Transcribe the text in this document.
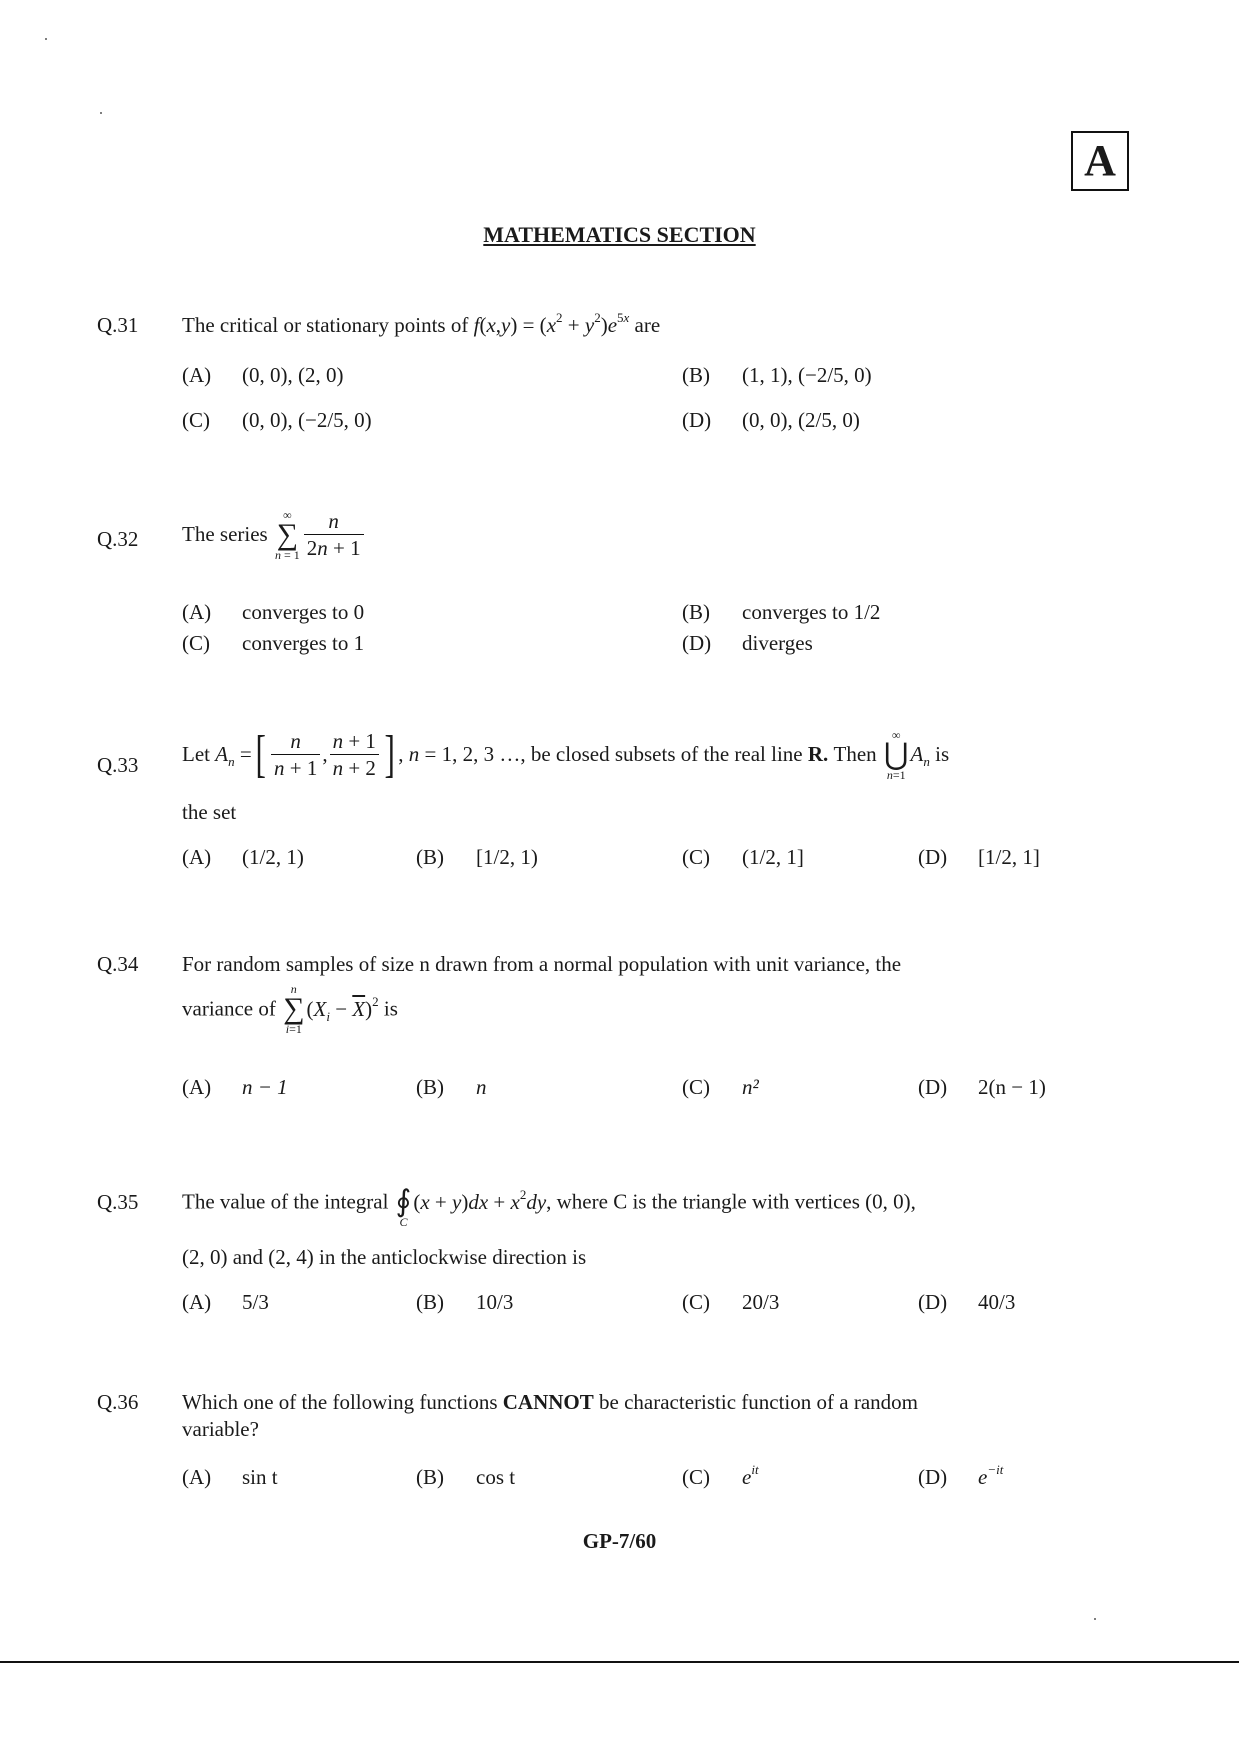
A
MATHEMATICS SECTION
Q.31 The critical or stationary points of $f(x,y) = (x^2 + y^2)e^{5x}$ are
(A) (0, 0), (2, 0)	(B) (1, 1), (−2/5, 0)
(C) (0, 0), (−2/5, 0)	(D) (0, 0), (2/5, 0)
Q.32 The series
∞
∑
$n = 1 \frac{n}{2n + 1}$
(A) converges to 0	(B) converges to 1/2
(C) converges to 1	(D) diverges
Q.33 Let $A_n$ =[ $\frac{n}{n + 1}$ , $\frac{n + 1}{n + 2}$ ] , n = 1, 2, 3 …, be closed subsets of the real line R. Then
∞
⋃
n=1
$A_n$ is
the set
(A) (1/2, 1)	(B) [1/2, 1)	(C) (1/2, 1]	(D) [1/2, 1]
Q.34 For random samples of size n drawn from a normal population with unit variance, the
variance of
n
∑
i=1
$(X_i - \overline{X})^2$ is
(A) n − 1	(B) n	(C) n²	(D) 2(n − 1)
Q.35 The value of the integral
∮
C
$(x + y)dx + x^2dy$, where C is the triangle with vertices (0, 0),
(2, 0) and (2, 4) in the anticlockwise direction is
(A) 5/3	(B) 10/3	(C) 20/3	(D) 40/3
Q.36 Which one of the following functions CANNOT be characteristic function of a random
variable?
(A) sin t	(B) cos t	(C) $e^{it}$	(D) $e^{-it}$
GP-7/60
